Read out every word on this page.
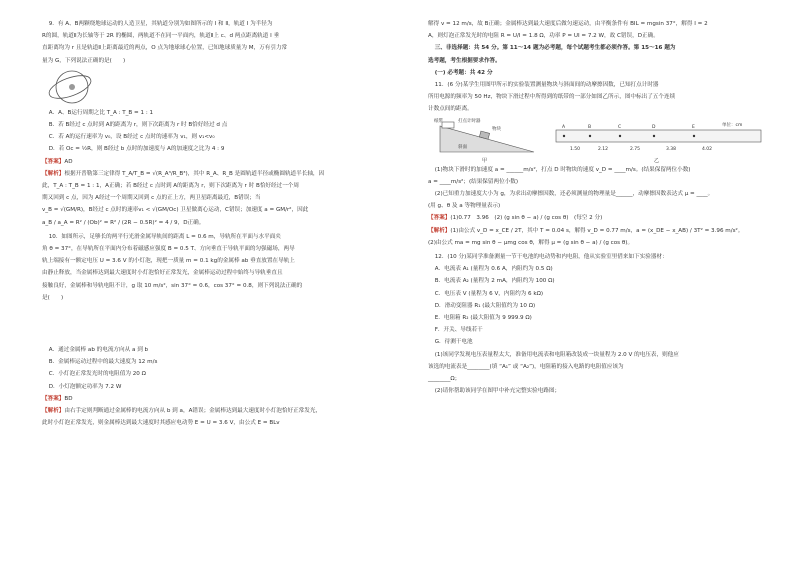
9．有 A、B两颗绕地球运动的人造卫星，其轨道分别为如图所示的 Ⅰ 和 Ⅱ，轨道 Ⅰ 为半径为

R的圆，轨道Ⅱ为长轴等于 2R 的椭圆，两轨道不在同一平面内，轨道Ⅱ上 c、d 两点距离轨道 Ⅰ 垂

直距离均为 r 且是轨道Ⅱ上距离最近的两点，O 点为地球球心位置，已知地球质量为 M，万有引力常

量为 G，下列说法正确的是(　　)

A．A、B运行周期之比 T_A : T_B = 1 : 1

B．若 B经过 c 点时到 A的距离为 r，则下次距离为 r 时 B恰好经过 d 点

C．若 A的运行速率为 v₀，设 B经过 c 点时的速率为 v₁，则 v₁<v₀

D．若 Oc = ½R，则 B经过 b 点时的加速度与 A的加速度之比为 4 : 9

【答案】AD

【解析】根据开普勒第三定律得 T_A/T_B = √(R_A³/R_B³)，其中 R_A、R_B 是圆轨道半径或椭圆轨道半长轴，因

此，T_A : T_B = 1 : 1，A正确；若 B经过 c 点时到 A的距离为 r，则下次距离为 r 时 B恰好经过一个周

期又回到 c 点，因为 A经过一个周期又回到 c 点的正上方，两卫星距离最近，B错误；当

v_B = √(GM/R)，B经过 c 点时的速率v₁ < √(GM/Oc) 卫星做离心运动，C错误；加速度 a = GM/r²，因此

a_B / a_A = R² / (Ob)² = R² / (2R − 0.5R)² = 4 / 9，D正确。

10．如图所示，足够长的两平行光滑金属导轨间的距离 L = 0.6 m，导轨所在平面与水平面夹

角 θ = 37°，在导轨所在平面内分布着磁感应强度 B = 0.5 T、方向垂直于导轨平面的匀强磁场，两导

轨上端接有一额定电压 U = 3.6 V 的小灯泡，现把一质量 m = 0.1 kg的金属棒 ab 垂直放置在导轨上

由静止释放，当金属棒达到最大速度时小灯泡恰好正常发光，金属棒运动过程中始终与导轨垂直且

接触良好，金属棒和导轨电阻不计，g 取 10 m/s²，sin 37° = 0.6，cos 37° = 0.8，则下列说法正确的

是(　　)

A．通过金属棒 ab 的电流方向从 a 到 b

B．金属棒运动过程中的最大速度为 12 m/s

C．小灯泡正常发光时的电阻值为 20 Ω

D．小灯泡额定功率为 7.2 W

【答案】BD

【解析】由右手定则判断通过金属棒的电流方向从 b 到 a，A错误；金属棒达到最大速度时小灯泡恰好正常发光，

此时小灯泡正常发光，则金属棒达到最大速度时其感应电动势 E = U = 3.6 V，由公式 E = BLv

解得 v = 12 m/s，故 B正确；金属棒达到最大速度后做匀速运动，由平衡条件有 BIL = mgsin 37°，解得 I = 2

A，则灯泡正常发光时的电阻 R = U/I = 1.8 Ω，功率 P = UI = 7.2 W，故 C错误，D正确。

三、非选择题：共 54 分。第 11～14 题为必考题，每个试题考生都必须作答。第 15～16 题为

选考题，考生根据要求作答。

(一) 必考题：共 42 分

11．(6 分)某学生用图甲所示的实验装置测量物块与斜面间的动摩擦因数，已知打点计时器

所用电源的频率为 50 Hz，物块下滑过程中所得到的纸带的一部分如图乙所示，图中标出了五个连续

计数点间的距离。

纸带	打点计时器
物块
斜面
甲
单位：cm
A	B	C	D	E
1.50	2.12	2.75	3.38	4.02
乙

(1)物块下滑时的加速度 a = ______m/s²，打点 D 时物块的速度 v_D = ____m/s。(结果保留两位小数)

a = ____m/s²；(结果保留两位小数)

(2)已知重力加速度大小为 g，为求出动摩擦因数，还必须测量的物理量是______，动摩擦因数表达式 μ = ____。

(用 g、θ 及 a 等物理量表示)

【答案】(1)0.77　3.96　(2) (g sin θ − a) / (g cos θ)　(每空 2 分)

【解析】(1)由公式 v_D = x_CE / 2T，其中 T = 0.04 s，解得 v_D = 0.77 m/s，a = (x_DE − x_AB) / 3T² = 3.96 m/s²。

(2)由公式 ma = mg sin θ − μmg cos θ，解得 μ = (g sin θ − a) / (g cos θ)。

12．(10 分)某同学准备测量一节干电池的电动势和内电阻，他从实验室里借来如下实验器材：

A．电流表 A₁ (量程为 0.6 A，内阻约为 0.5 Ω)

B．电流表 A₂ (量程为 2 mA，内阻约为 100 Ω)

C．电压表 V (量程为 6 V，内阻约为 6 kΩ)

D．滑动变阻器 R₁ (最大阻值约为 10 Ω)

E．电阻箱 R₂ (最大阻值为 9 999.9 Ω)

F．开关、导线若干

G．待测干电池

(1)该同学发现电压表量程太大，准备用电流表和电阻箱改装成一块量程为 2.0 V 的电压表，则他应

该选的电流表是________(填 “A₁” 或 “A₂”)，电阻箱的接入电路的电阻值应该为

________Ω；

(2)请你帮助该同学在图甲中补充完整实验电路图；
